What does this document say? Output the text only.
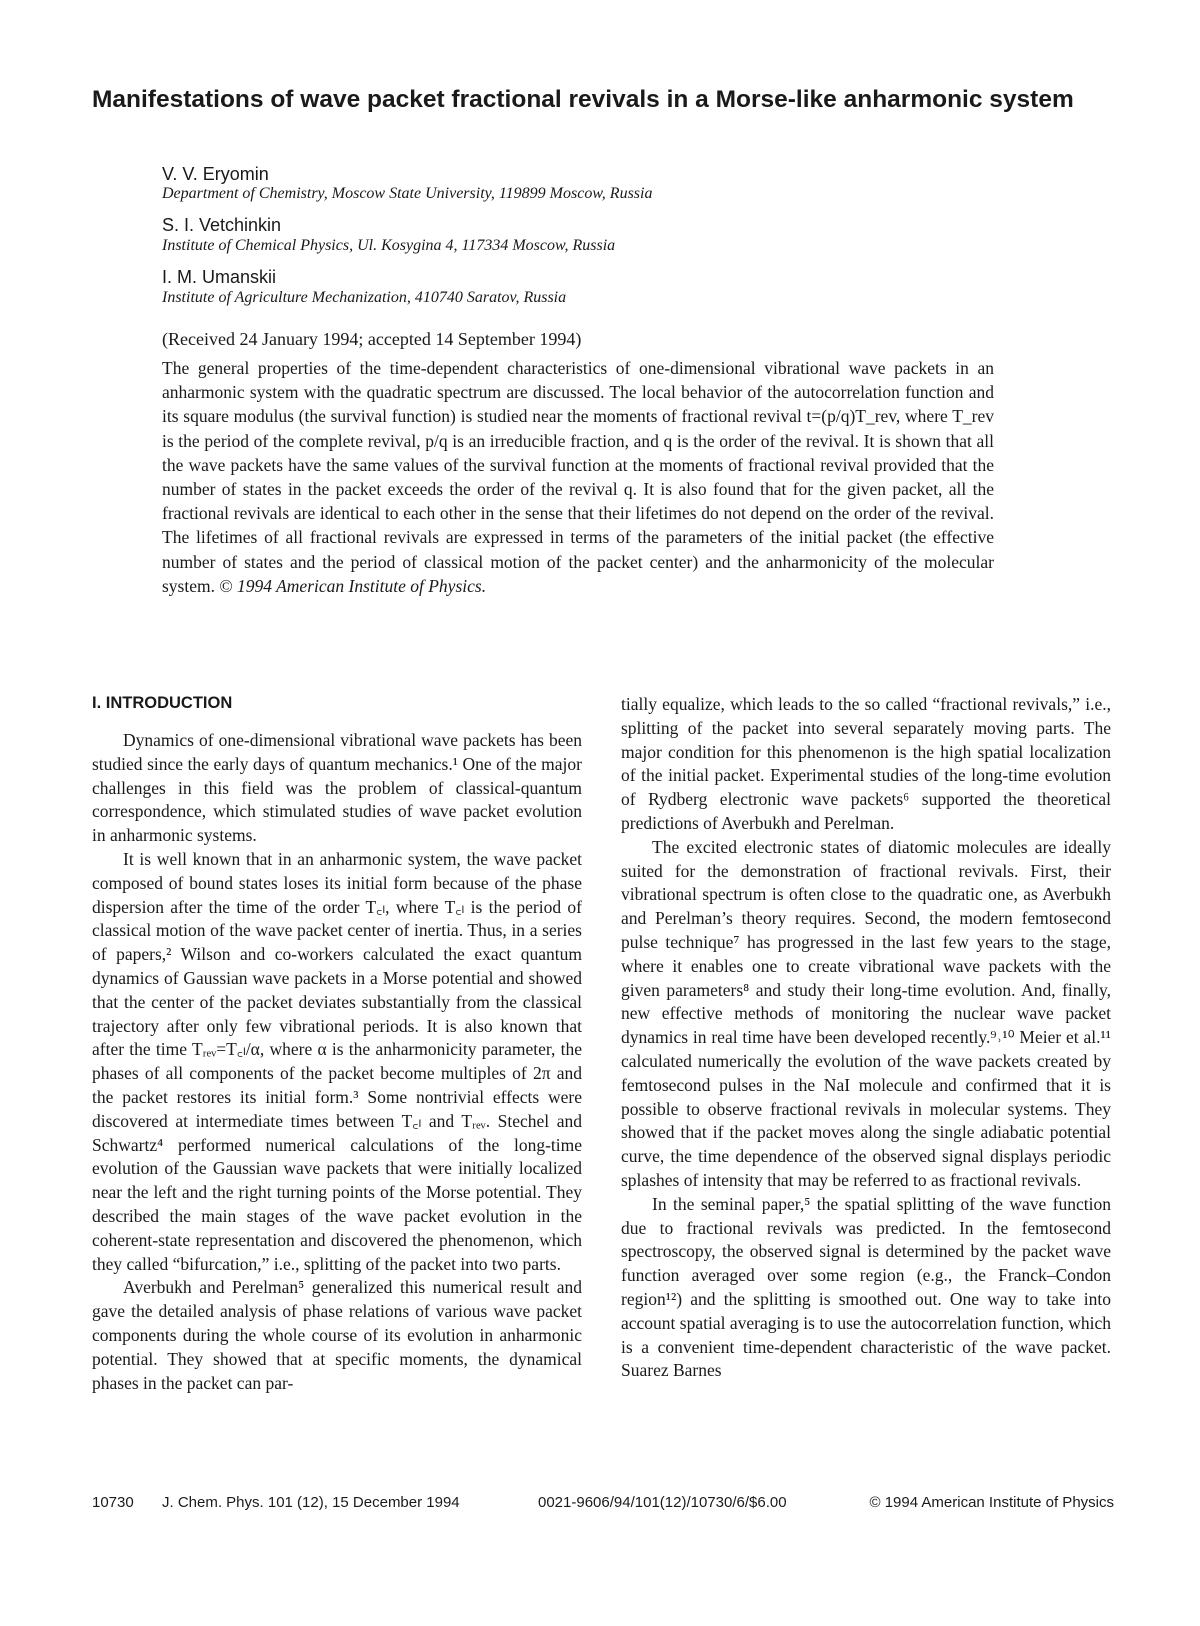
Manifestations of wave packet fractional revivals in a Morse-like anharmonic system
V. V. Eryomin
Department of Chemistry, Moscow State University, 119899 Moscow, Russia
S. I. Vetchinkin
Institute of Chemical Physics, Ul. Kosygina 4, 117334 Moscow, Russia
I. M. Umanskii
Institute of Agriculture Mechanization, 410740 Saratov, Russia
(Received 24 January 1994; accepted 14 September 1994)

The general properties of the time-dependent characteristics of one-dimensional vibrational wave packets in an anharmonic system with the quadratic spectrum are discussed. The local behavior of the autocorrelation function and its square modulus (the survival function) is studied near the moments of fractional revival t=(p/q)T_rev, where T_rev is the period of the complete revival, p/q is an irreducible fraction, and q is the order of the revival. It is shown that all the wave packets have the same values of the survival function at the moments of fractional revival provided that the number of states in the packet exceeds the order of the revival q. It is also found that for the given packet, all the fractional revivals are identical to each other in the sense that their lifetimes do not depend on the order of the revival. The lifetimes of all fractional revivals are expressed in terms of the parameters of the initial packet (the effective number of states and the period of classical motion of the packet center) and the anharmonicity of the molecular system. © 1994 American Institute of Physics.

I. INTRODUCTION

Dynamics of one-dimensional vibrational wave packets has been studied since the early days of quantum mechanics.¹ One of the major challenges in this field was the problem of classical-quantum correspondence, which stimulated studies of wave packet evolution in anharmonic systems.

It is well known that in an anharmonic system, the wave packet composed of bound states loses its initial form because of the phase dispersion after the time of the order T꜀ₗ, where T꜀ₗ is the period of classical motion of the wave packet center of inertia. Thus, in a series of papers,² Wilson and co-workers calculated the exact quantum dynamics of Gaussian wave packets in a Morse potential and showed that the center of the packet deviates substantially from the classical trajectory after only few vibrational periods. It is also known that after the time Tᵣₑᵥ=T꜀ₗ/α, where α is the anharmonicity parameter, the phases of all components of the packet become multiples of 2π and the packet restores its initial form.³ Some nontrivial effects were discovered at intermediate times between T꜀ₗ and Tᵣₑᵥ. Stechel and Schwartz⁴ performed numerical calculations of the long-time evolution of the Gaussian wave packets that were initially localized near the left and the right turning points of the Morse potential. They described the main stages of the wave packet evolution in the coherent-state representation and discovered the phenomenon, which they called “bifurcation,” i.e., splitting of the packet into two parts.

Averbukh and Perelman⁵ generalized this numerical result and gave the detailed analysis of phase relations of various wave packet components during the whole course of its evolution in anharmonic potential. They showed that at specific moments, the dynamical phases in the packet can par-

tially equalize, which leads to the so called “fractional revivals,” i.e., splitting of the packet into several separately moving parts. The major condition for this phenomenon is the high spatial localization of the initial packet. Experimental studies of the long-time evolution of Rydberg electronic wave packets⁶ supported the theoretical predictions of Averbukh and Perelman.

The excited electronic states of diatomic molecules are ideally suited for the demonstration of fractional revivals. First, their vibrational spectrum is often close to the quadratic one, as Averbukh and Perelman’s theory requires. Second, the modern femtosecond pulse technique⁷ has progressed in the last few years to the stage, where it enables one to create vibrational wave packets with the given parameters⁸ and study their long-time evolution. And, finally, new effective methods of monitoring the nuclear wave packet dynamics in real time have been developed recently.⁹˒¹⁰ Meier et al.¹¹ calculated numerically the evolution of the wave packets created by femtosecond pulses in the NaI molecule and confirmed that it is possible to observe fractional revivals in molecular systems. They showed that if the packet moves along the single adiabatic potential curve, the time dependence of the observed signal displays periodic splashes of intensity that may be referred to as fractional revivals.

In the seminal paper,⁵ the spatial splitting of the wave function due to fractional revivals was predicted. In the femtosecond spectroscopy, the observed signal is determined by the packet wave function averaged over some region (e.g., the Franck–Condon region¹²) and the splitting is smoothed out. One way to take into account spatial averaging is to use the autocorrelation function, which is a convenient time-dependent characteristic of the wave packet. Suarez Barnes

10730 J. Chem. Phys. 101 (12), 15 December 1994	0021-9606/94/101(12)/10730/6/$6.00	© 1994 American Institute of Physics
